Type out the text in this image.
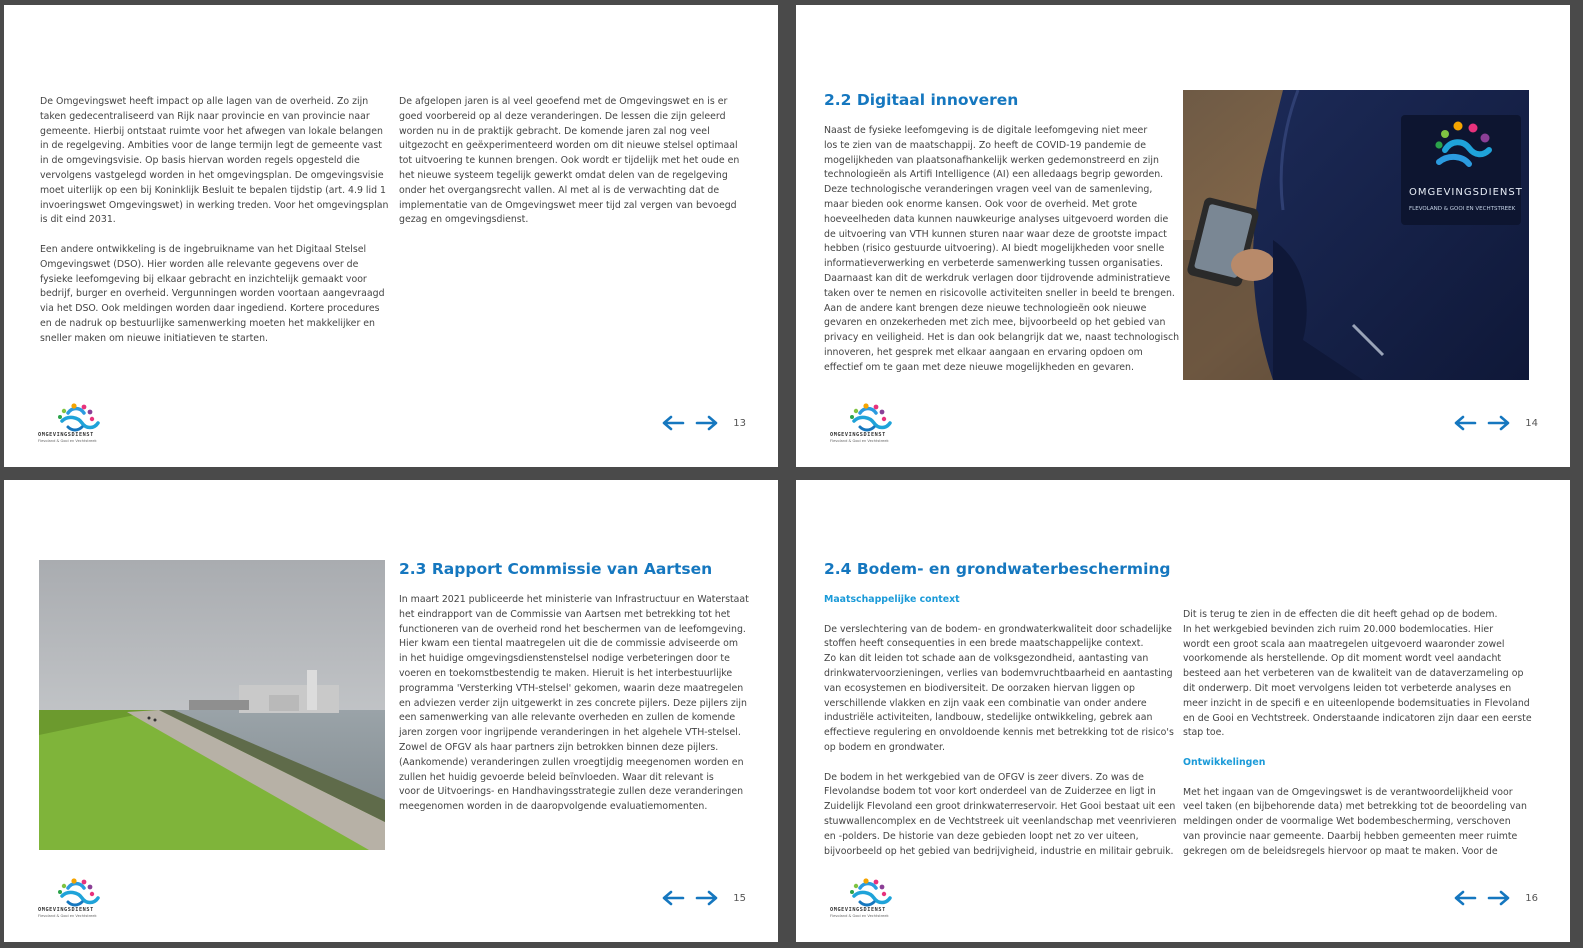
De Omgevingswet heeft impact op alle lagen van de overheid. Zo zijn
taken gedecentraliseerd van Rijk naar provincie en van provincie naar
gemeente. Hierbij ontstaat ruimte voor het afwegen van lokale belangen
in de regelgeving. Ambities voor de lange termijn legt de gemeente vast
in de omgevingsvisie. Op basis hiervan worden regels opgesteld die
vervolgens vastgelegd worden in het omgevingsplan. De omgevingsvisie
moet uiterlijk op een bij Koninklijk Besluit te bepalen tijdstip (art. 4.9 lid 1
invoeringswet Omgevingswet) in werking treden. Voor het omgevingsplan
is dit eind 2031.

Een andere ontwikkeling is de ingebruikname van het Digitaal Stelsel
Omgevingswet (DSO). Hier worden alle relevante gegevens over de
fysieke leefomgeving bij elkaar gebracht en inzichtelijk gemaakt voor
bedrijf, burger en overheid. Vergunningen worden voortaan aangevraagd
via het DSO. Ook meldingen worden daar ingediend. Kortere procedures
en de nadruk op bestuurlijke samenwerking moeten het makkelijker en
sneller maken om nieuwe initiatieven te starten.

De afgelopen jaren is al veel geoefend met de Omgevingswet en is er
goed voorbereid op al deze veranderingen. De lessen die zijn geleerd
worden nu in de praktijk gebracht. De komende jaren zal nog veel
uitgezocht en geëxperimenteerd worden om dit nieuwe stelsel optimaal
tot uitvoering te kunnen brengen. Ook wordt er tijdelijk met het oude en
het nieuwe systeem tegelijk gewerkt omdat delen van de regelgeving
onder het overgangsrecht vallen. Al met al is de verwachting dat de
implementatie van de Omgevingswet meer tijd zal vergen van bevoegd
gezag en omgevingsdienst.

OMGEVINGSDIENST
Flevoland & Gooi en Vechtstreek
13
2.2 Digitaal innoveren

Naast de fysieke leefomgeving is de digitale leefomgeving niet meer
los te zien van de maatschappij. Zo heeft de COVID-19 pandemie de
mogelijkheden van plaatsonafhankelijk werken gedemonstreerd en zijn
technologieën als Artifi Intelligence (AI) een alledaags begrip geworden.
Deze technologische veranderingen vragen veel van de samenleving,
maar bieden ook enorme kansen. Ook voor de overheid. Met grote
hoeveelheden data kunnen nauwkeurige analyses uitgevoerd worden die
de uitvoering van VTH kunnen sturen naar waar deze de grootste impact
hebben (risico gestuurde uitvoering). AI biedt mogelijkheden voor snelle
informatieverwerking en verbeterde samenwerking tussen organisaties.
Daarnaast kan dit de werkdruk verlagen door tijdrovende administratieve
taken over te nemen en risicovolle activiteiten sneller in beeld te brengen.
Aan de andere kant brengen deze nieuwe technologieën ook nieuwe
gevaren en onzekerheden met zich mee, bijvoorbeeld op het gebied van
privacy en veiligheid. Het is dan ook belangrijk dat we, naast technologisch
innoveren, het gesprek met elkaar aangaan en ervaring opdoen om
effectief om te gaan met deze nieuwe mogelijkheden en gevaren.

OMGEVINGSDIENST
FLEVOLAND & GOOI EN VECHTSTREEK
OMGEVINGSDIENST
Flevoland & Gooi en Vechtstreek
14
2.3 Rapport Commissie van Aartsen

In maart 2021 publiceerde het ministerie van Infrastructuur en Waterstaat
het eindrapport van de Commissie van Aartsen met betrekking tot het
functioneren van de overheid rond het beschermen van de leefomgeving.
Hier kwam een tiental maatregelen uit die de commissie adviseerde om
in het huidige omgevingsdienstenstelsel nodige verbeteringen door te
voeren en toekomstbestendig te maken. Hieruit is het interbestuurlijke
programma 'Versterking VTH-stelsel' gekomen, waarin deze maatregelen
en adviezen verder zijn uitgewerkt in zes concrete pijlers. Deze pijlers zijn
een samenwerking van alle relevante overheden en zullen de komende
jaren zorgen voor ingrijpende veranderingen in het algehele VTH-stelsel.
Zowel de OFGV als haar partners zijn betrokken binnen deze pijlers.
(Aankomende) veranderingen zullen vroegtijdig meegenomen worden en
zullen het huidig gevoerde beleid beïnvloeden. Waar dit relevant is
voor de Uitvoerings- en Handhavingsstrategie zullen deze veranderingen
meegenomen worden in de daaropvolgende evaluatiemomenten.

OMGEVINGSDIENST
Flevoland & Gooi en Vechtstreek
15
2.4 Bodem- en grondwaterbescherming

Maatschappelijke context

De verslechtering van de bodem- en grondwaterkwaliteit door schadelijke
stoffen heeft consequenties in een brede maatschappelijke context.
Zo kan dit leiden tot schade aan de volksgezondheid, aantasting van
drinkwatervoorzieningen, verlies van bodemvruchtbaarheid en aantasting
van ecosystemen en biodiversiteit. De oorzaken hiervan liggen op
verschillende vlakken en zijn vaak een combinatie van onder andere
industriële activiteiten, landbouw, stedelijke ontwikkeling, gebrek aan
effectieve regulering en onvoldoende kennis met betrekking tot de risico's
op bodem en grondwater.

De bodem in het werkgebied van de OFGV is zeer divers. Zo was de
Flevolandse bodem tot voor kort onderdeel van de Zuiderzee en ligt in
Zuidelijk Flevoland een groot drinkwaterreservoir. Het Gooi bestaat uit een
stuwwallencomplex en de Vechtstreek uit veenlandschap met veenrivieren
en -polders. De historie van deze gebieden loopt net zo ver uiteen,
bijvoorbeeld op het gebied van bedrijvigheid, industrie en militair gebruik.

Dit is terug te zien in de effecten die dit heeft gehad op de bodem.
In het werkgebied bevinden zich ruim 20.000 bodemlocaties. Hier
wordt een groot scala aan maatregelen uitgevoerd waaronder zowel
voorkomende als herstellende. Op dit moment wordt veel aandacht
besteed aan het verbeteren van de kwaliteit van de dataverzameling op
dit onderwerp. Dit moet vervolgens leiden tot verbeterde analyses en
meer inzicht in de specifi e en uiteenlopende bodemsituaties in Flevoland
en de Gooi en Vechtstreek. Onderstaande indicatoren zijn daar een eerste
stap toe.

Ontwikkelingen

Met het ingaan van de Omgevingswet is de verantwoordelijkheid voor
veel taken (en bijbehorende data) met betrekking tot de beoordeling van
meldingen onder de voormalige Wet bodembescherming, verschoven
van provincie naar gemeente. Daarbij hebben gemeenten meer ruimte
gekregen om de beleidsregels hiervoor op maat te maken. Voor de

OMGEVINGSDIENST
Flevoland & Gooi en Vechtstreek
16
